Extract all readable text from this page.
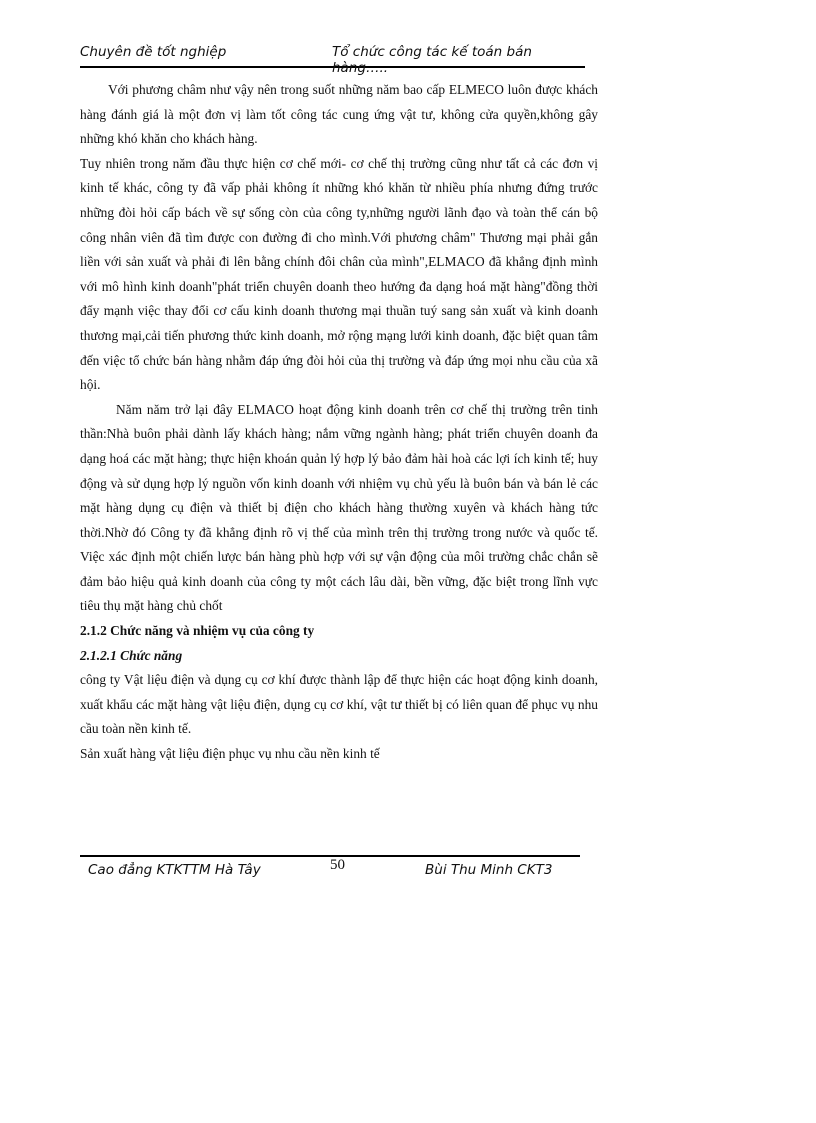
Chuyên đề tốt nghiệp	Tổ chức công tác kế toán bán hàng…..

Với phương châm như vậy nên trong suốt những năm bao cấp ELMECO luôn được khách hàng đánh giá là một đơn vị làm tốt công tác cung ứng vật tư, không cửa quyền,không gây những khó khăn cho khách hàng.

Tuy nhiên trong năm đầu thực hiện cơ chế mới- cơ chế thị trường cũng như tất cả các đơn vị kinh tế khác, công ty đã vấp phải không ít những khó khăn từ nhiều phía nhưng đứng trước những đòi hỏi cấp bách về sự sống còn của công ty,những người lãnh đạo và toàn thể cán bộ công nhân viên đã tìm được con đường đi cho mình.Với phương châm" Thương mại phải gắn liền với sản xuất và phải đi lên bằng chính đôi chân của mình",ELMACO đã khẳng định mình với mô hình kinh doanh"phát triển chuyên doanh theo hướng đa dạng hoá mặt hàng"đồng thời đẩy mạnh việc thay đổi cơ cấu kinh doanh thương mại thuần tuý sang sản xuất và kinh doanh thương mại,cải tiến phương thức kinh doanh, mở rộng mạng lưới kinh doanh, đặc biệt quan tâm đến việc tổ chức bán hàng nhằm đáp ứng đòi hỏi của thị trường và đáp ứng mọi nhu cầu của xã hội.

Năm năm trở lại đây ELMACO hoạt động kinh doanh trên cơ chế thị trường trên tinh thần:Nhà buôn phải dành lấy khách hàng; nắm vững ngành hàng; phát triển chuyên doanh đa dạng hoá các mặt hàng; thực hiện khoán quản lý hợp lý bảo đảm hài hoà các lợi ích kinh tế; huy động và sử dụng hợp lý nguồn vốn kinh doanh với nhiệm vụ chủ yếu là buôn bán và bán lẻ các mặt hàng dụng cụ điện và thiết bị điện cho khách hàng thường xuyên và khách hàng tức thời.Nhờ đó Công ty đã khẳng định rõ vị thế của mình trên thị trường trong nước và quốc tế. Việc xác định một chiến lược bán hàng phù hợp với sự vận động của môi trường chắc chắn sẽ đảm bảo hiệu quả kinh doanh của công ty một cách lâu dài, bền vững, đặc biệt trong lĩnh vực tiêu thụ mặt hàng chủ chốt

2.1.2 Chức năng và nhiệm vụ của công ty

2.1.2.1 Chức năng

công ty Vật liệu điện và dụng cụ cơ khí được thành lập để thực hiện các hoạt động kinh doanh, xuất khẩu các mặt hàng vật liệu điện, dụng cụ cơ khí, vật tư thiết bị có liên quan để phục vụ nhu cầu toàn nền kinh tế.

Sản xuất hàng vật liệu điện phục vụ nhu cầu nền kinh tế

Cao đẳng KTKTTM Hà Tây	50	Bùi Thu Minh CKT3
